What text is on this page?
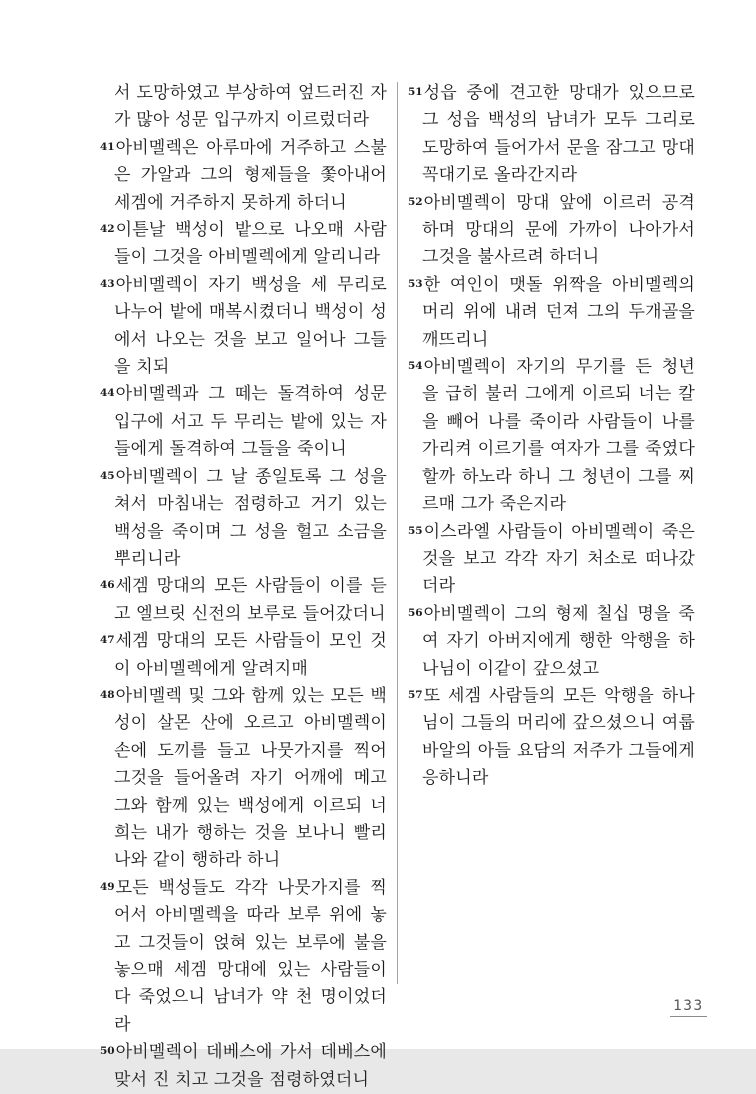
서 도망하였고 부상하여 엎드러진 자가 많아 성문 입구까지 이르렀더라

$^{41}$아비멜렉은 아루마에 거주하고 스불은 가알과 그의 형제들을 쫓아내어 세겜에 거주하지 못하게 하더니

$^{42}$이튿날 백성이 밭으로 나오매 사람들이 그것을 아비멜렉에게 알리니라

$^{43}$아비멜렉이 자기 백성을 세 무리로 나누어 밭에 매복시켰더니 백성이 성에서 나오는 것을 보고 일어나 그들을 치되

$^{44}$아비멜렉과 그 떼는 돌격하여 성문 입구에 서고 두 무리는 밭에 있는 자들에게 돌격하여 그들을 죽이니

$^{45}$아비멜렉이 그 날 종일토록 그 성을 쳐서 마침내는 점령하고 거기 있는 백성을 죽이며 그 성을 헐고 소금을 뿌리니라

$^{46}$세겜 망대의 모든 사람들이 이를 듣고 엘브릿 신전의 보루로 들어갔더니

$^{47}$세겜 망대의 모든 사람들이 모인 것이 아비멜렉에게 알려지매

$^{48}$아비멜렉 및 그와 함께 있는 모든 백성이 살몬 산에 오르고 아비멜렉이 손에 도끼를 들고 나뭇가지를 찍어 그것을 들어올려 자기 어깨에 메고 그와 함께 있는 백성에게 이르되 너희는 내가 행하는 것을 보나니 빨리 나와 같이 행하라 하니

$^{49}$모든 백성들도 각각 나뭇가지를 찍어서 아비멜렉을 따라 보루 위에 놓고 그것들이 얹혀 있는 보루에 불을 놓으매 세겜 망대에 있는 사람들이 다 죽었으니 남녀가 약 천 명이었더라

$^{50}$아비멜렉이 데베스에 가서 데베스에 맞서 진 치고 그것을 점령하였더니

$^{51}$성읍 중에 견고한 망대가 있으므로 그 성읍 백성의 남녀가 모두 그리로 도망하여 들어가서 문을 잠그고 망대 꼭대기로 올라간지라

$^{52}$아비멜렉이 망대 앞에 이르러 공격하며 망대의 문에 가까이 나아가서 그것을 불사르려 하더니

$^{53}$한 여인이 맷돌 위짝을 아비멜렉의 머리 위에 내려 던져 그의 두개골을 깨뜨리니

$^{54}$아비멜렉이 자기의 무기를 든 청년을 급히 불러 그에게 이르되 너는 칼을 빼어 나를 죽이라 사람들이 나를 가리켜 이르기를 여자가 그를 죽였다 할까 하노라 하니 그 청년이 그를 찌르매 그가 죽은지라

$^{55}$이스라엘 사람들이 아비멜렉이 죽은 것을 보고 각각 자기 처소로 떠나갔더라

$^{56}$아비멜렉이 그의 형제 칠십 명을 죽여 자기 아버지에게 행한 악행을 하나님이 이같이 갚으셨고

$^{57}$또 세겜 사람들의 모든 악행을 하나님이 그들의 머리에 갚으셨으니 여룹바알의 아들 요담의 저주가 그들에게 응하니라

133
